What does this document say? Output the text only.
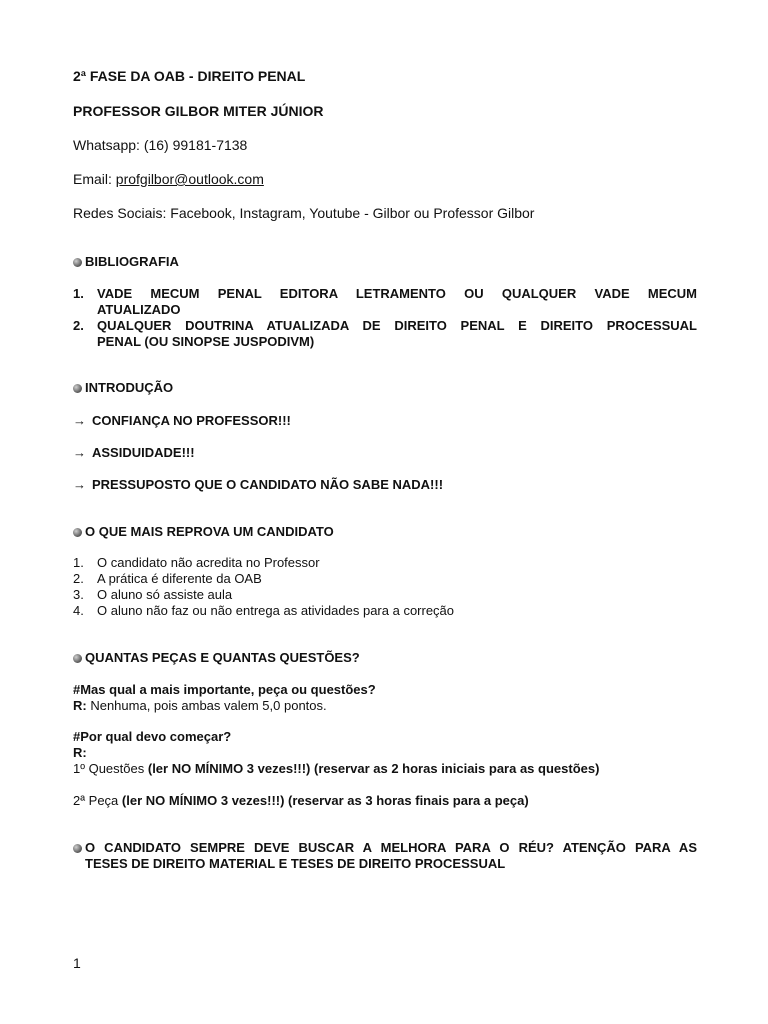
2ª FASE DA OAB - DIREITO PENAL
PROFESSOR GILBOR MITER JÚNIOR
Whatsapp: (16) 99181-7138
Email: profgilbor@outlook.com
Redes Sociais: Facebook, Instagram, Youtube - Gilbor ou Professor Gilbor
BIBLIOGRAFIA
1. VADE MECUM PENAL EDITORA LETRAMENTO OU QUALQUER VADE MECUM
ATUALIZADO
2. QUALQUER DOUTRINA ATUALIZADA DE DIREITO PENAL E DIREITO PROCESSUAL
PENAL (OU SINOPSE JUSPODIVM)
INTRODUÇÃO
→ CONFIANÇA NO PROFESSOR!!!
→ ASSIDUIDADE!!!
→ PRESSUPOSTO QUE O CANDIDATO NÃO SABE NADA!!!
O QUE MAIS REPROVA UM CANDIDATO
1. O candidato não acredita no Professor
2. A prática é diferente da OAB
3. O aluno só assiste aula
4. O aluno não faz ou não entrega as atividades para a correção
QUANTAS PEÇAS E QUANTAS QUESTÕES?
#Mas qual a mais importante, peça ou questões?
R: Nenhuma, pois ambas valem 5,0 pontos.
#Por qual devo começar?
R:
1º Questões (ler NO MÍNIMO 3 vezes!!!) (reservar as 2 horas iniciais para as questões)
2ª Peça (ler NO MÍNIMO 3 vezes!!!) (reservar as 3 horas finais para a peça)
O CANDIDATO SEMPRE DEVE BUSCAR A MELHORA PARA O RÉU? ATENÇÃO PARA AS
TESES DE DIREITO MATERIAL E TESES DE DIREITO PROCESSUAL
1
